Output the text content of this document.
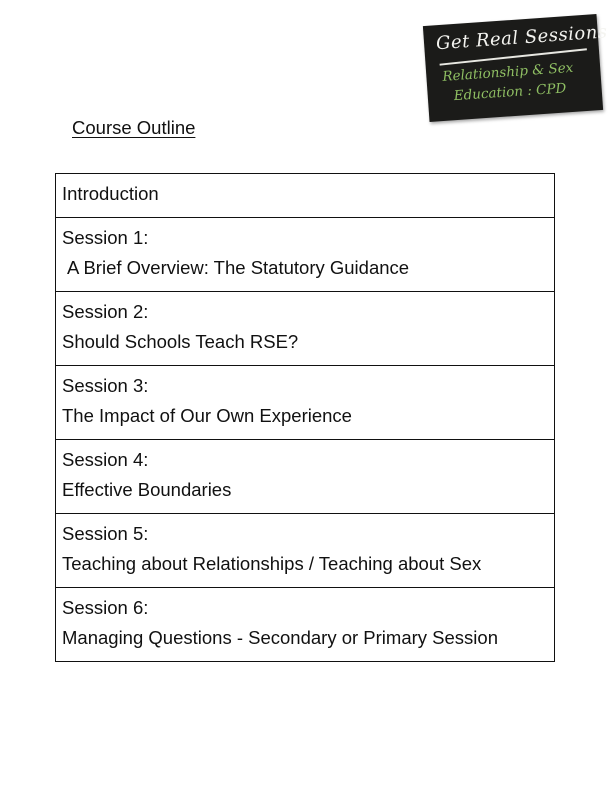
Get Real Sessions
Relationship & Sex
Education : CPD
Course Outline
Introduction
Session 1:
A Brief Overview: The Statutory Guidance
Session 2:
Should Schools Teach RSE?
Session 3:
The Impact of Our Own Experience
Session 4:
Effective Boundaries
Session 5:
Teaching about Relationships / Teaching about Sex
Session 6:
Managing Questions - Secondary or Primary Session
